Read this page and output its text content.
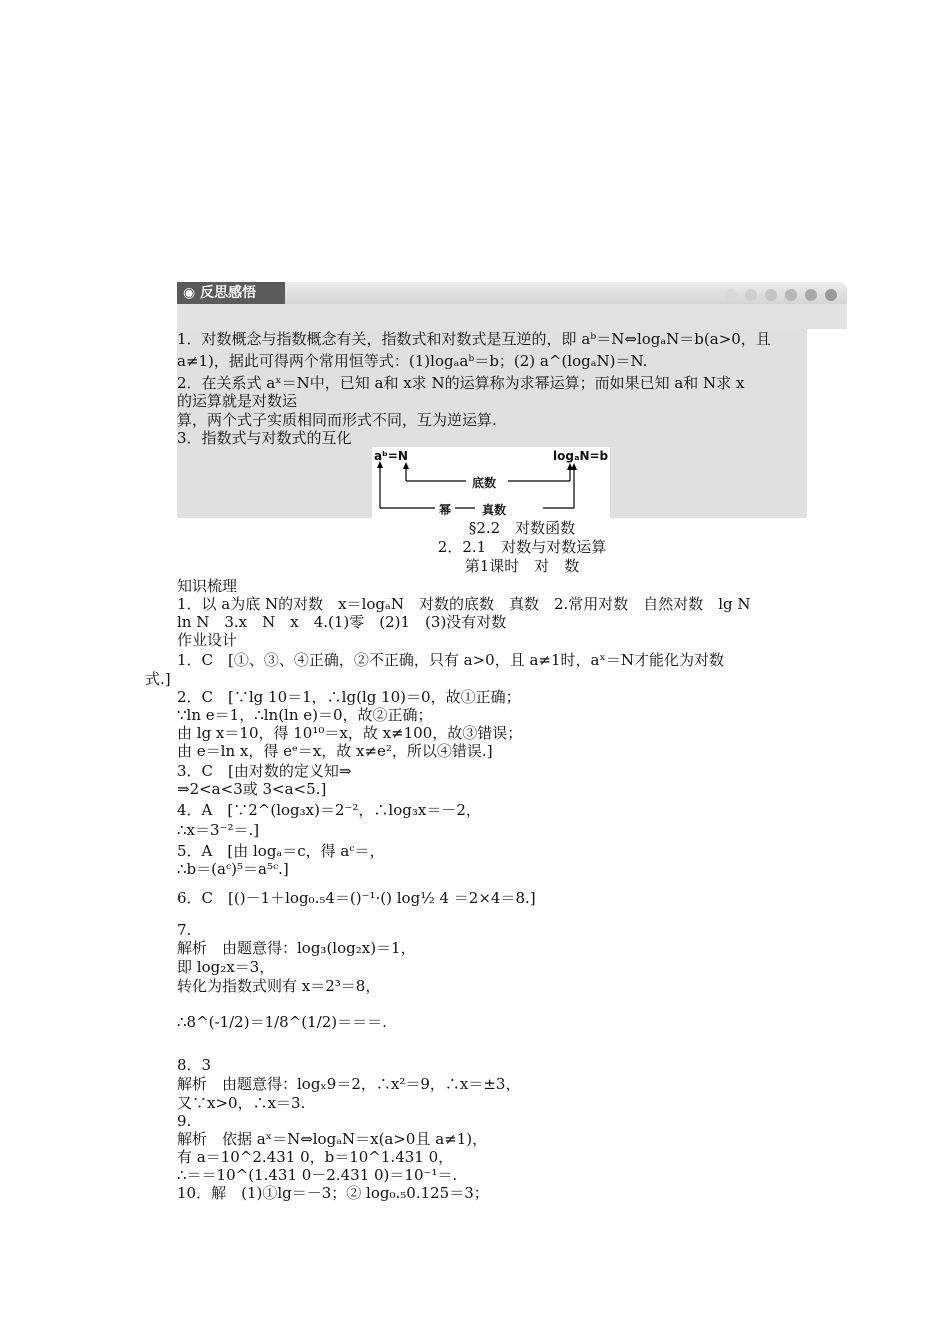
◉ 反思感悟
1．对数概念与指数概念有关，指数式和对数式是互逆的，即 aᵇ＝N⇔logₐN＝b(a>0，且
a≠1)，据此可得两个常用恒等式：(1)logₐaᵇ＝b；(2) a^(logₐN)＝N.
2．在关系式 aˣ＝N中，已知 a和 x求 N的运算称为求幂运算；而如果已知 a和 N求 x
的运算就是对数运
算，两个式子实质相同而形式不同，互为逆运算.
3．指数式与对数式的互化
aᵇ=N	logₐN=b
底数
幂	真数
§2.2　对数函数
2．2.1　对数与对数运算
第1课时　对　数
知识梳理
1．以 a为底 N的对数　x＝logₐN　对数的底数　真数　2.常用对数　自然对数　lg N
ln N　3.x　N　x　4.(1)零　(2)1　(3)没有对数
作业设计
1．C　[①、③、④正确，②不正确，只有 a>0，且 a≠1时，aˣ＝N才能化为对数
式.]
2．C　[∵lg 10＝1，∴lg(lg 10)＝0，故①正确；
∵ln e＝1，∴ln(ln e)＝0，故②正确；
由 lg x＝10，得 10¹⁰＝x，故 x≠100，故③错误；
由 e＝ln x，得 eᵉ＝x，故 x≠e²，所以④错误.]
3．C　[由对数的定义知⇒
⇒2<a<3或 3<a<5.]
4．A　[∵2^(log₃x)＝2⁻²，∴log₃x＝－2，
∴x＝3⁻²＝.]
5．A　[由 logₐ＝c，得 aᶜ＝，
∴b＝(aᶜ)⁵＝a⁵ᶜ.]
6．C　[()－1＋log₀.₅4＝()⁻¹·() log½ 4 ＝2×4＝8.]
7.
解析　由题意得：log₃(log₂x)＝1，
即 log₂x＝3，
转化为指数式则有 x＝2³＝8，
∴8^(-1/2)＝1/8^(1/2)＝＝＝.
8．3
解析　由题意得：logₓ9＝2，∴x²＝9，∴x＝±3，
又∵x>0，∴x＝3.
9.
解析　依据 aˣ＝N⇔logₐN＝x(a>0且 a≠1)，
有 a＝10^2.431 0，b＝10^1.431 0，
∴＝＝10^(1.431 0－2.431 0)＝10⁻¹＝.
10．解　(1)①lg＝－3；② log₀.₅0.125＝3；
